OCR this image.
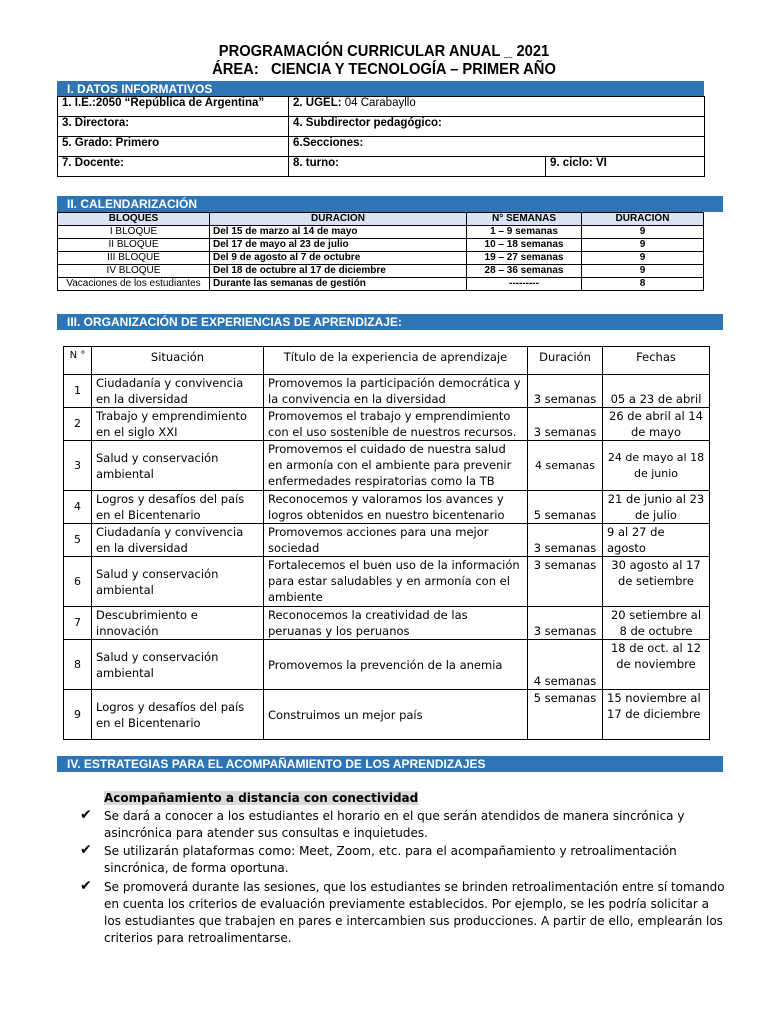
PROGRAMACIÓN CURRICULAR ANUAL _ 2021
ÁREA: CIENCIA Y TECNOLOGÍA – PRIMER AÑO
I. DATOS INFORMATIVOS
1. I.E.:2050 “República de Argentina”	2. UGEL: 04 Carabayllo	
3. Directora:	4. Subdirector pedagógico:	
5. Grado: Primero	6.Secciones:	
7. Docente:	8. turno:	9. ciclo: VI
II. CALENDARIZACIÓN
BLOQUES	DURACION	N° SEMANAS	DURACIÓN
I BLOQUE	Del 15 de marzo al 14 de mayo	1 – 9 semanas	9
II BLOQUE	Del 17 de mayo al 23 de julio	10 – 18 semanas	9
III BLOQUE	Del 9 de agosto al 7 de octubre	19 – 27 semanas	9
IV BLOQUE	Del 18 de octubre al 17 de diciembre	28 – 36 semanas	9
Vacaciones de los estudiantes	Durante las semanas de gestión	---------	8
III. ORGANIZACIÓN DE EXPERIENCIAS DE APRENDIZAJE:
N °	Situación	Título de la experiencia de aprendizaje	Duración	Fechas
1	Ciudadanía y convivencia en la diversidad	Promovemos la participación democrática y la convivencia en la diversidad	3 semanas	05 a 23 de abril
2	Trabajo y emprendimiento en el siglo XXI	Promovemos el trabajo y emprendimiento con el uso sostenible de nuestros recursos.	3 semanas	26 de abril al 14 de mayo
3	Salud y conservación ambiental	Promovemos el cuidado de nuestra salud en armonía con el ambiente para prevenir enfermedades respiratorias como la TB	4 semanas	24 de mayo al 18 de junio
4	Logros y desafíos del país en el Bicentenario	Reconocemos y valoramos los avances y logros obtenidos en nuestro bicentenario	5 semanas	21 de junio al 23 de julio
5	Ciudadanía y convivencia en la diversidad	Promovemos acciones para una mejor sociedad	3 semanas	9 al 27 de agosto
6	Salud y conservación ambiental	Fortalecemos el buen uso de la información para estar saludables y en armonía con el ambiente	3 semanas	30 agosto al 17 de setiembre
7	Descubrimiento e innovación	Reconocemos la creatividad de las peruanas y los peruanos	3 semanas	20 setiembre al 8 de octubre
8	Salud y conservación ambiental	Promovemos la prevención de la anemia	4 semanas	18 de oct. al 12 de noviembre
9	Logros y desafíos del país en el Bicentenario	Construimos un mejor país	5 semanas	15 noviembre al 17 de diciembre
IV. ESTRATEGIAS PARA EL ACOMPAÑAMIENTO DE LOS APRENDIZAJES
Acompañamiento a distancia con conectividad
✔ Se dará a conocer a los estudiantes el horario en el que serán atendidos de manera sincrónica y asincrónica para atender sus consultas e inquietudes.
✔ Se utilizarán plataformas como: Meet, Zoom, etc. para el acompañamiento y retroalimentación sincrónica, de forma oportuna.
✔ Se promoverá durante las sesiones, que los estudiantes se brinden retroalimentación entre sí tomando en cuenta los criterios de evaluación previamente establecidos. Por ejemplo, se les podría solicitar a los estudiantes que trabajen en pares e intercambien sus producciones. A partir de ello, emplearán los criterios para retroalimentarse.
